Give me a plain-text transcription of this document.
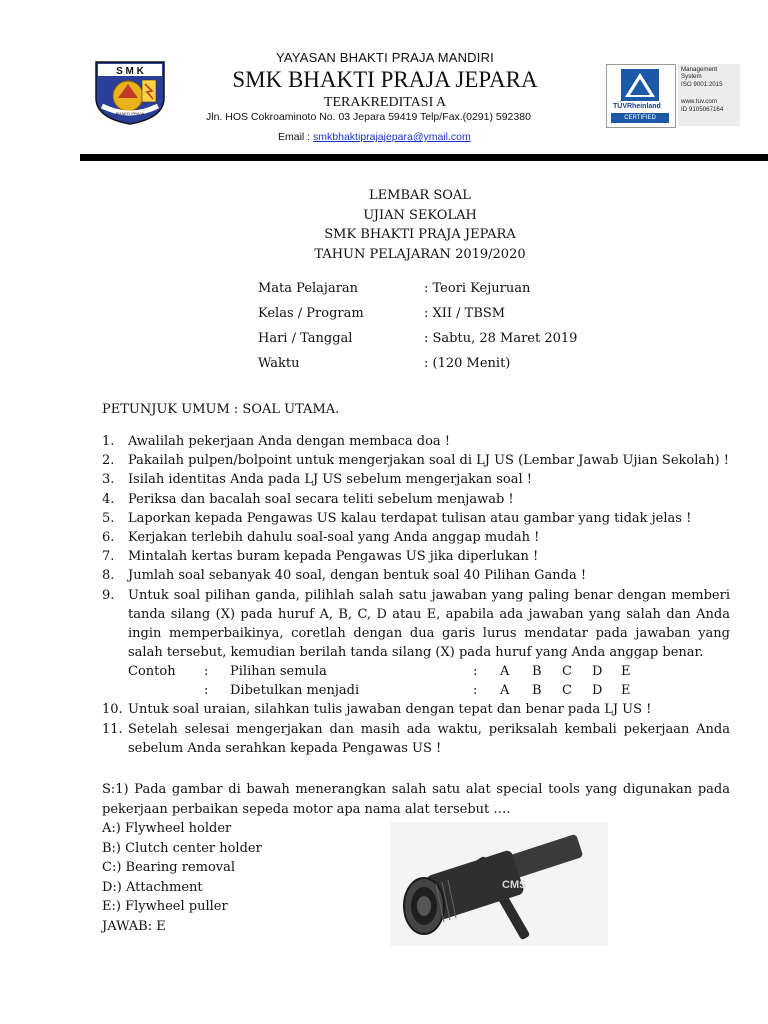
S M K
BHAKTI PRAJA
YAYASAN BHAKTI PRAJA MANDIRI
SMK BHAKTI PRAJA JEPARA
TERAKREDITASI A
Jln. HOS Cokroaminoto No. 03 Jepara 59419 Telp/Fax.(0291) 592380
Email : smkbhaktiprajajepara@ymail.com
TÜVRheinland
CERTIFIED
Management
System
ISO 9001:2015
www.tuv.com
ID 9105067164
LEMBAR SOAL
UJIAN SEKOLAH
SMK BHAKTI PRAJA JEPARA
TAHUN PELAJARAN 2019/2020
Mata Pelajaran	: Teori Kejuruan
Kelas / Program	: XII / TBSM
Hari / Tanggal	: Sabtu, 28 Maret 2019
Waktu	: (120 Menit)
PETUNJUK UMUM : SOAL UTAMA.
1. Awalilah pekerjaan Anda dengan membaca doa !
2. Pakailah pulpen/bolpoint untuk mengerjakan soal di LJ US (Lembar Jawab Ujian Sekolah) !
3. Isilah identitas Anda pada LJ US sebelum mengerjakan soal !
4. Periksa dan bacalah soal secara teliti sebelum menjawab !
5. Laporkan kepada Pengawas US kalau terdapat tulisan atau gambar yang tidak jelas !
6. Kerjakan terlebih dahulu soal-soal yang Anda anggap mudah !
7. Mintalah kertas buram kepada Pengawas US jika diperlukan !
8. Jumlah soal sebanyak 40 soal, dengan bentuk soal 40 Pilihan Ganda !
9. Untuk soal pilihan ganda, pilihlah salah satu jawaban yang paling benar dengan memberi tanda silang (X) pada huruf A, B, C, D atau E, apabila ada jawaban yang salah dan Anda ingin memperbaikinya, coretlah dengan dua garis lurus mendatar pada jawaban yang salah tersebut, kemudian berilah tanda silang (X) pada huruf yang Anda anggap benar.
Contoh : Pilihan semula	: A B C D E
: Dibetulkan menjadi	: A B C D E
10. Untuk soal uraian, silahkan tulis jawaban dengan tepat dan benar pada LJ US !
11. Setelah selesai mengerjakan dan masih ada waktu, periksalah kembali pekerjaan Anda sebelum Anda serahkan kepada Pengawas US !
S:1) Pada gambar di bawah menerangkan salah satu alat special tools yang digunakan pada pekerjaan perbaikan sepeda motor apa nama alat tersebut ….
A:) Flywheel holder
B:) Clutch center holder
C:) Bearing removal
D:) Attachment
E:) Flywheel puller
JAWAB: E
CMS
